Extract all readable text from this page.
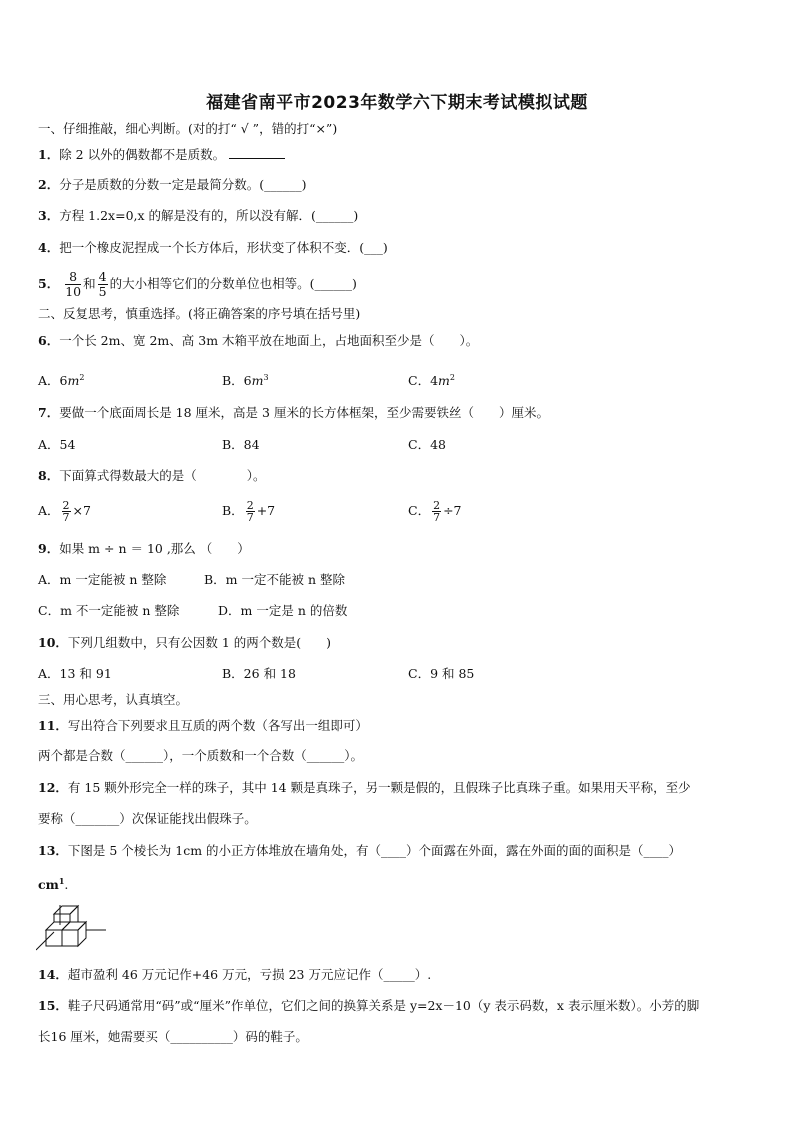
福建省南平市2023年数学六下期末考试模拟试题
一、仔细推敲，细心判断。(对的打“ √ ”，错的打“×”)
1．除 2 以外的偶数都不是质数。
2．分子是质数的分数一定是最简分数。(______)
3．方程 1.2x=0,x 的解是没有的，所以没有解．(______)
4．把一个橡皮泥捏成一个长方体后，形状变了体积不变．(___)
5． $\frac{8}{10}$ 和 $\frac{4}{5}$ 的大小相等它们的分数单位也相等。(______)
二、反复思考，慎重选择。(将正确答案的序号填在括号里)
6．一个长 2m、宽 2m、高 3m 木箱平放在地面上，占地面积至少是（　　）。
A．$6m^2$	B．$6m^3$	C．$4m^2$
7．要做一个底面周长是 18 厘米，高是 3 厘米的长方体框架，至少需要铁丝（　　）厘米。
A．54	B．84	C．48
8．下面算式得数最大的是（　　　　）。
A． $\frac{2}{7} \times 7$	B． $\frac{2}{7} +7$	C． $\frac{2}{7} \div 7$
9．如果 m ÷ n ＝ 10 ,那么 （　　）
A．m 一定能被 n 整除	B．m 一定不能被 n 整除
C．m 不一定能被 n 整除	D．m 一定是 n 的倍数
10．下列几组数中，只有公因数 1 的两个数是(　　)
A．13 和 91	B．26 和 18	C．9 和 85
三、用心思考，认真填空。
11．写出符合下列要求且互质的两个数（各写出一组即可）
两个都是合数（______），一个质数和一个合数（______）。
12．有 15 颗外形完全一样的珠子，其中 14 颗是真珠子，另一颗是假的，且假珠子比真珠子重。如果用天平称，至少
要称（_______）次保证能找出假珠子。
13．下图是 5 个棱长为 1cm 的小正方体堆放在墙角处，有（____）个面露在外面，露在外面的面的面积是（____）
$cm^1$.
14．超市盈利 46 万元记作+46 万元，亏损 23 万元应记作（_____）.
15．鞋子尺码通常用“码”或“厘米”作单位，它们之间的换算关系是 y=2x－10（y 表示码数，x 表示厘米数）。小芳的脚
长16 厘米，她需要买（__________）码的鞋子。
